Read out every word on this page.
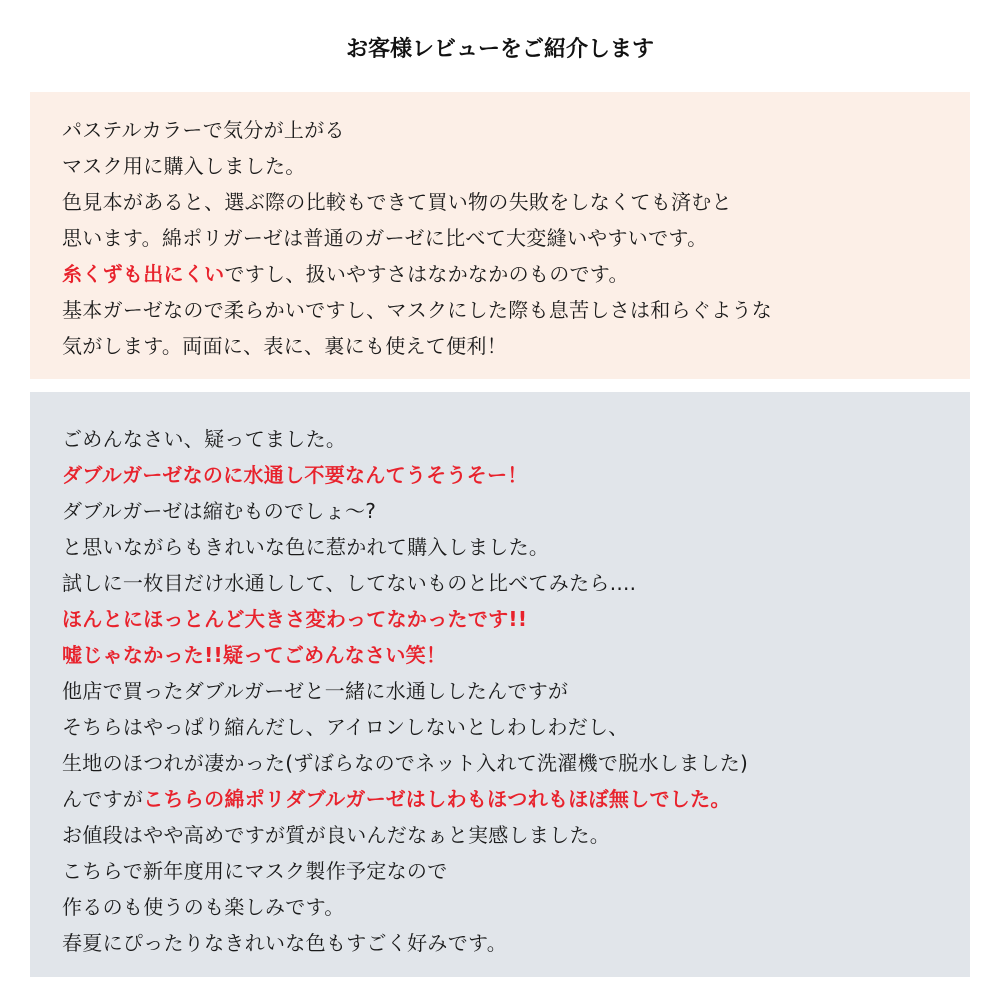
お客様レビューをご紹介します
パステルカラーで気分が上がる
マスク用に購入しました。
色見本があると、選ぶ際の比較もできて買い物の失敗をしなくても済むと
思います。綿ポリガーゼは普通のガーゼに比べて大変縫いやすいです。
糸くずも出にくいですし、扱いやすさはなかなかのものです。
基本ガーゼなので柔らかいですし、マスクにした際も息苦しさは和らぐような
気がします。両面に、表に、裏にも使えて便利！
ごめんなさい、疑ってました。
ダブルガーゼなのに水通し不要なんてうそうそー！
ダブルガーゼは縮むものでしょ〜?
と思いながらもきれいな色に惹かれて購入しました。
試しに一枚目だけ水通しして、してないものと比べてみたら....
ほんとにほっとんど大きさ変わってなかったです!!
嘘じゃなかった!!疑ってごめんなさい笑！
他店で買ったダブルガーゼと一緒に水通ししたんですが
そちらはやっぱり縮んだし、アイロンしないとしわしわだし、
生地のほつれが凄かった(ずぼらなのでネット入れて洗濯機で脱水しました)
んですがこちらの綿ポリダブルガーゼはしわもほつれもほぼ無しでした。
お値段はやや高めですが質が良いんだなぁと実感しました。
こちらで新年度用にマスク製作予定なので
作るのも使うのも楽しみです。
春夏にぴったりなきれいな色もすごく好みです。
